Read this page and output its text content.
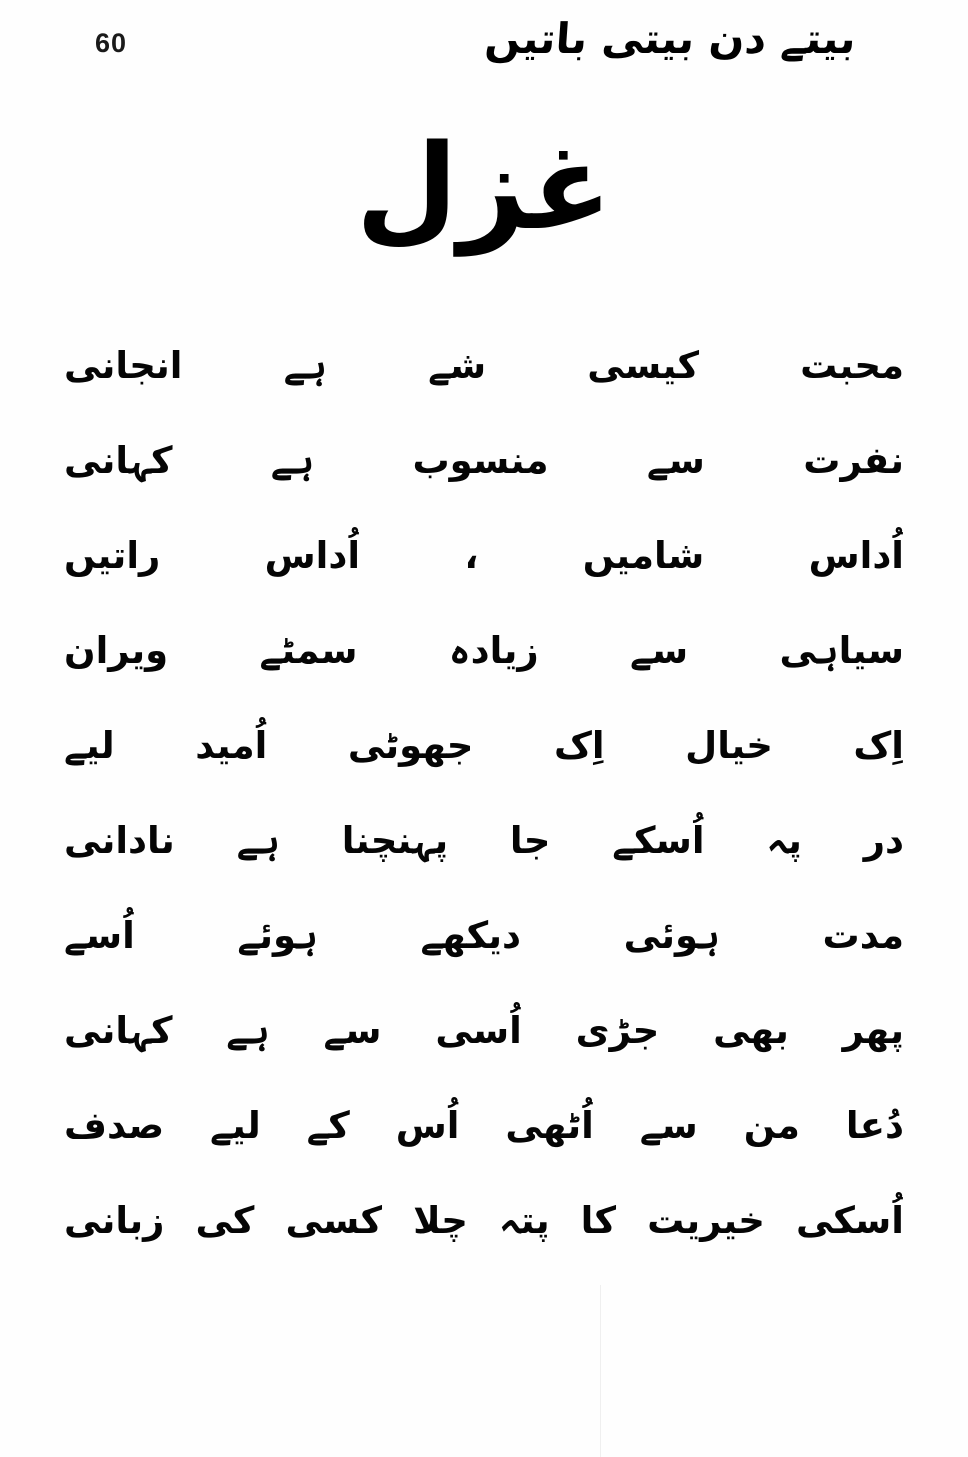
60	بیتے دن بیتی باتیں
غزل
محبت
کیسی
شے
ہے
انجانی
نفرت
سے
منسوب
ہے
کہانی
اُداس
شامیں
،
اُداس
راتیں
سیاہی
سے
زیادہ
سمٹے
ویران
اِک
خیال
اِک
جھوٹی
اُمید
لیے
در
پہ
اُسکے
جا
پہنچنا
ہے
نادانی
مدت
ہوئی
دیکھے
ہوئے
اُسے
پھر
بھی
جڑی
اُسی
سے
ہے
کہانی
دُعا
من
سے
اُٹھی
اُس
کے
لیے
صدف
اُسکی
خیریت
کا
پتہ
چلا
کسی
کی
زبانی
